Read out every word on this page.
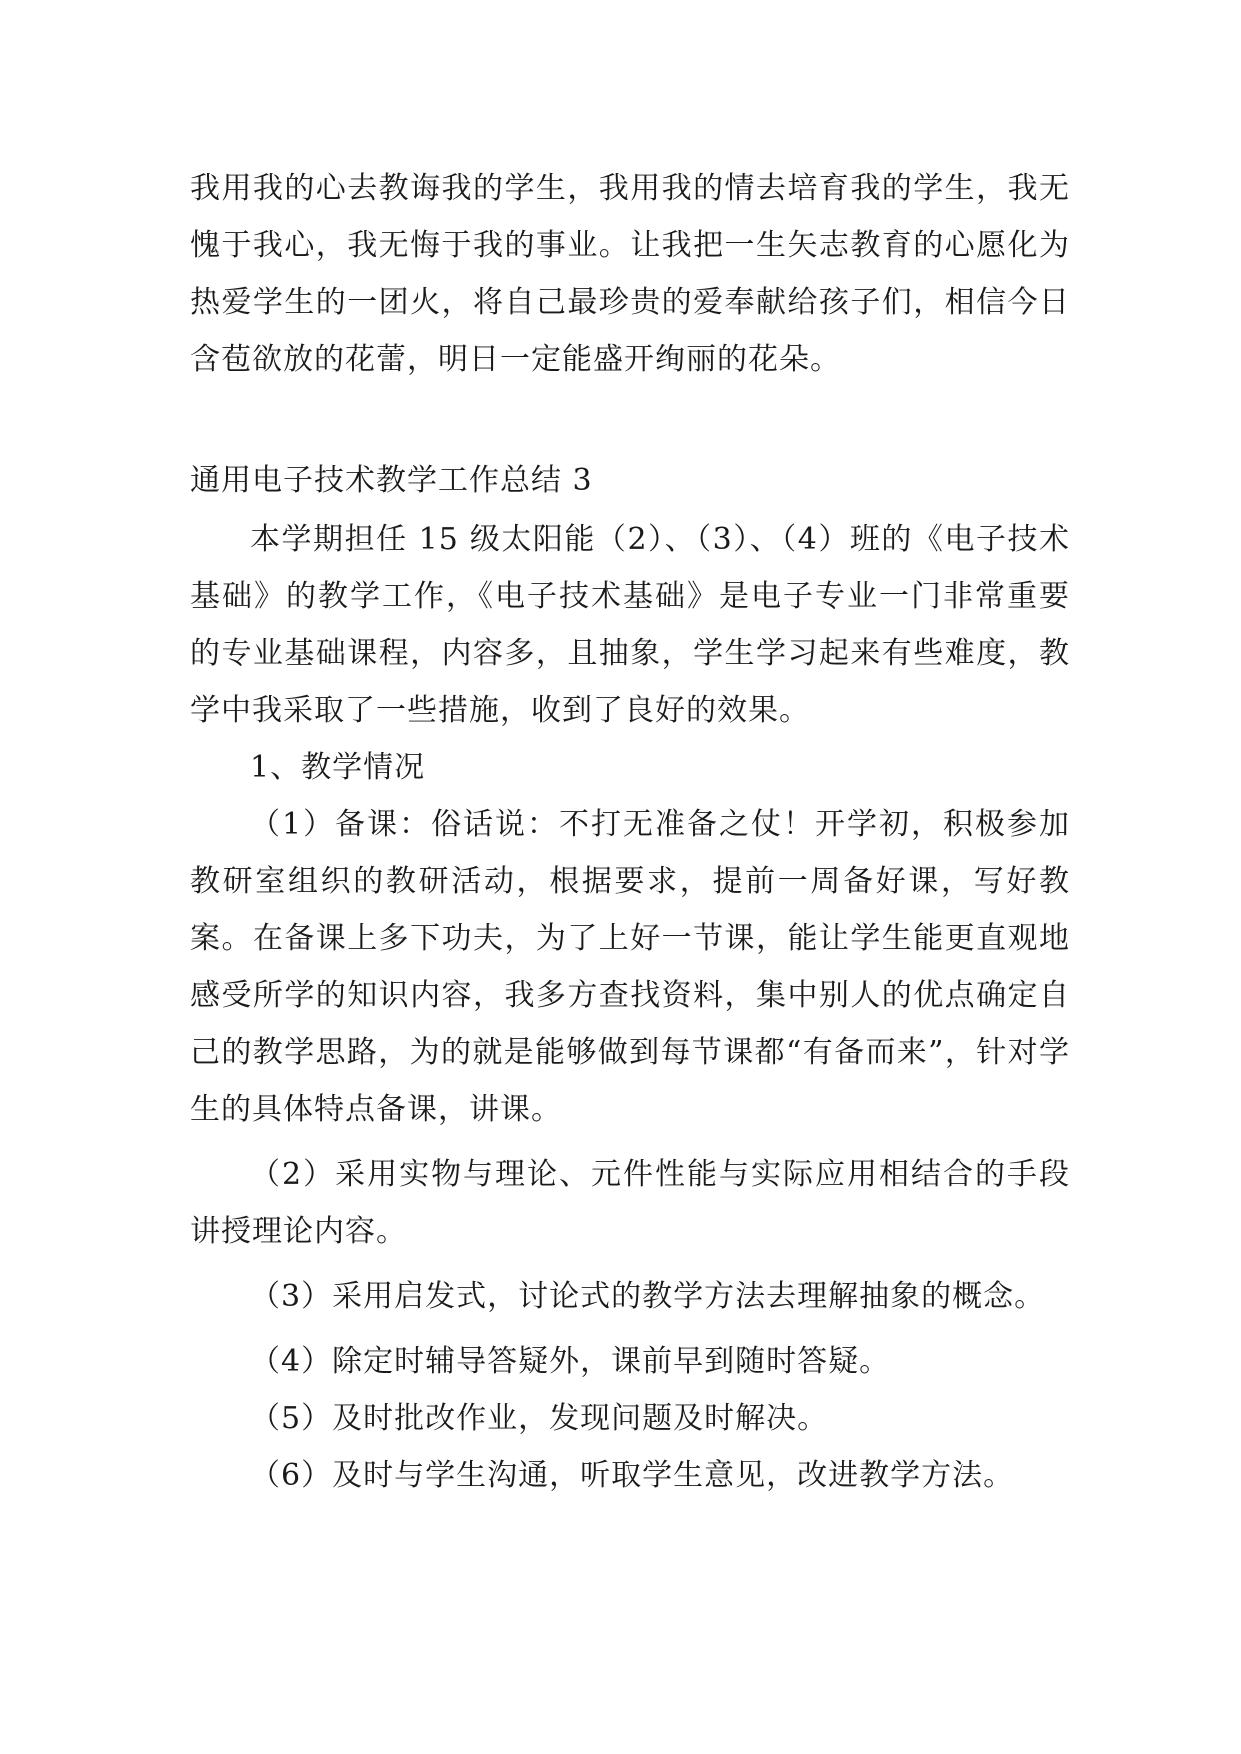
我用我的心去教诲我的学生，我用我的情去培育我的学生，我无愧于我心，我无悔于我的事业。让我把一生矢志教育的心愿化为热爱学生的一团火，将自己最珍贵的爱奉献给孩子们，相信今日含苞欲放的花蕾，明日一定能盛开绚丽的花朵。
通用电子技术教学工作总结 3

本学期担任 15 级太阳能（2）、（3）、（4）班的《电子技术基础》的教学工作，《电子技术基础》是电子专业一门非常重要的专业基础课程，内容多，且抽象，学生学习起来有些难度，教学中我采取了一些措施，收到了良好的效果。

1、教学情况

（1）备课：俗话说：不打无准备之仗！开学初，积极参加教研室组织的教研活动，根据要求，提前一周备好课，写好教案。在备课上多下功夫，为了上好一节课，能让学生能更直观地感受所学的知识内容，我多方查找资料，集中别人的优点确定自己的教学思路，为的就是能够做到每节课都“有备而来”，针对学生的具体特点备课，讲课。

（2）采用实物与理论、元件性能与实际应用相结合的手段讲授理论内容。

（3）采用启发式，讨论式的教学方法去理解抽象的概念。

（4）除定时辅导答疑外，课前早到随时答疑。

（5）及时批改作业，发现问题及时解决。

（6）及时与学生沟通，听取学生意见，改进教学方法。
